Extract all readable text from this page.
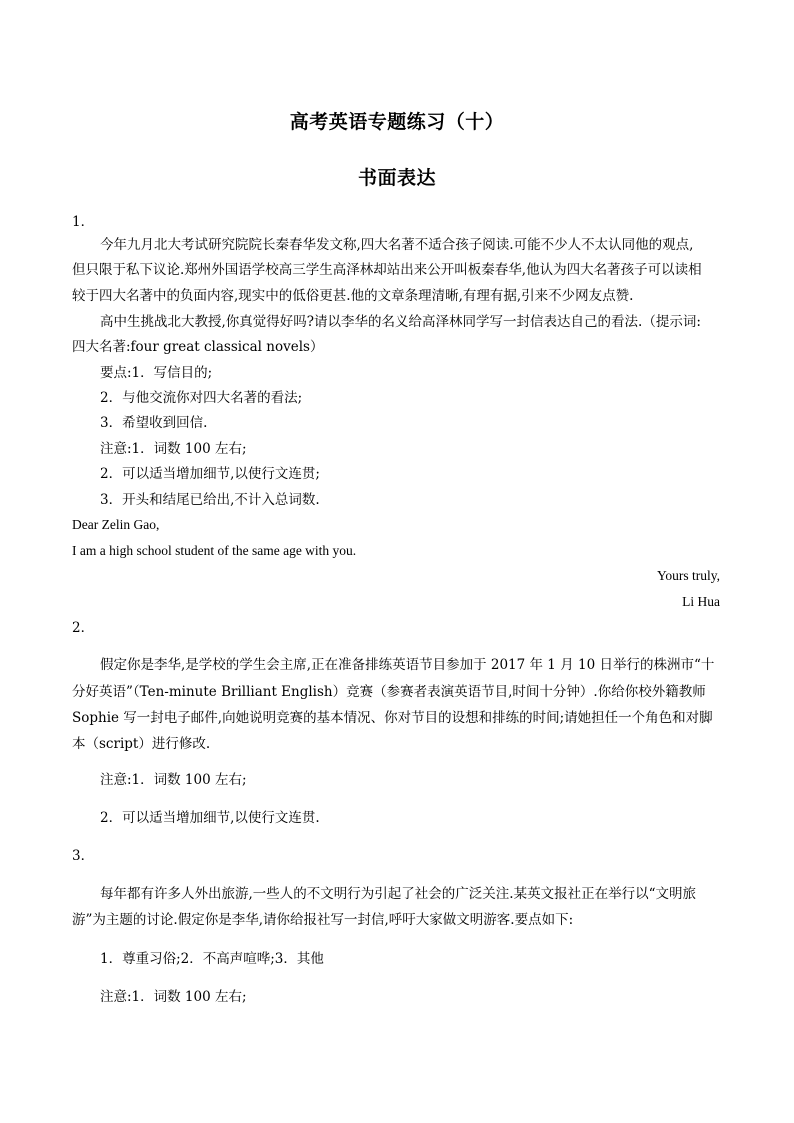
高考英语专题练习（十）
书面表达
1．
今年九月北大考试研究院院长秦春华发文称,四大名著不适合孩子阅读.可能不少人不太认同他的观点,
但只限于私下议论.郑州外国语学校高三学生高泽林却站出来公开叫板秦春华,他认为四大名著孩子可以读相
较于四大名著中的负面内容,现实中的低俗更甚.他的文章条理清晰,有理有据,引来不少网友点赞.
高中生挑战北大教授,你真觉得好吗?请以李华的名义给高泽林同学写一封信表达自己的看法.（提示词:
四大名著:four great classical novels）
要点:1．写信目的;
2．与他交流你对四大名著的看法;
3．希望收到回信.
注意:1．词数 100 左右;
2．可以适当增加细节,以使行文连贯;
3．开头和结尾已给出,不计入总词数.
Dear Zelin Gao,
I am a high school student of the same age with you.
Yours truly,
Li Hua
2．
假定你是李华,是学校的学生会主席,正在准备排练英语节目参加于 2017 年 1 月 10 日举行的株洲市“十
分好英语”（Ten-minute Brilliant English）竞赛（参赛者表演英语节目,时间十分钟）.你给你校外籍教师
Sophie 写一封电子邮件,向她说明竞赛的基本情况、你对节目的设想和排练的时间;请她担任一个角色和对脚
本（script）进行修改.
注意:1．词数 100 左右;
2．可以适当增加细节,以使行文连贯.
3．
每年都有许多人外出旅游,一些人的不文明行为引起了社会的广泛关注.某英文报社正在举行以“文明旅
游”为主题的讨论.假定你是李华,请你给报社写一封信,呼吁大家做文明游客.要点如下:
1．尊重习俗;2．不高声喧哗;3．其他
注意:1．词数 100 左右;
